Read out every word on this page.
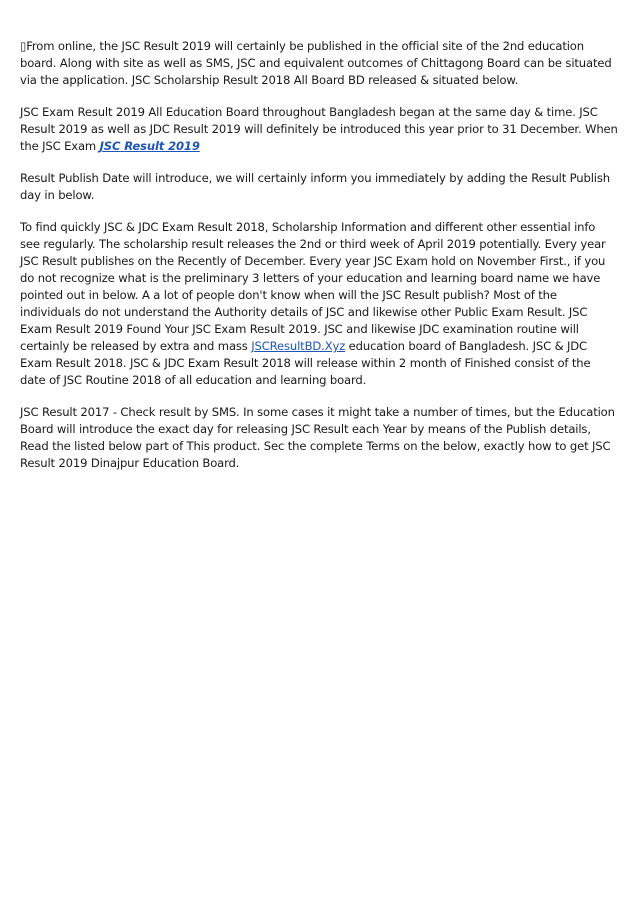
▯From online, the JSC Result 2019 will certainly be published in the official site of the 2nd education board. Along with site as well as SMS, JSC and equivalent outcomes of Chittagong Board can be situated via the application. JSC Scholarship Result 2018 All Board BD released & situated below.

JSC Exam Result 2019 All Education Board throughout Bangladesh began at the same day & time. JSC Result 2019 as well as JDC Result 2019 will definitely be introduced this year prior to 31 December. When the JSC Exam JSC Result 2019

Result Publish Date will introduce, we will certainly inform you immediately by adding the Result Publish day in below.

To find quickly JSC & JDC Exam Result 2018, Scholarship Information and different other essential info see regularly. The scholarship result releases the 2nd or third week of April 2019 potentially. Every year JSC Result publishes on the Recently of December. Every year JSC Exam hold on November First., if you do not recognize what is the preliminary 3 letters of your education and learning board name we have pointed out in below. A a lot of people don't know when will the JSC Result publish? Most of the individuals do not understand the Authority details of JSC and likewise other Public Exam Result. JSC Exam Result 2019 Found Your JSC Exam Result 2019. JSC and likewise JDC examination routine will certainly be released by extra and mass JSCResultBD.Xyz education board of Bangladesh. JSC & JDC Exam Result 2018. JSC & JDC Exam Result 2018 will release within 2 month of Finished consist of the date of JSC Routine 2018 of all education and learning board.

JSC Result 2017 - Check result by SMS. In some cases it might take a number of times, but the Education Board will introduce the exact day for releasing JSC Result each Year by means of the Publish details, Read the listed below part of This product. Sec the complete Terms on the below, exactly how to get JSC Result 2019 Dinajpur Education Board.
